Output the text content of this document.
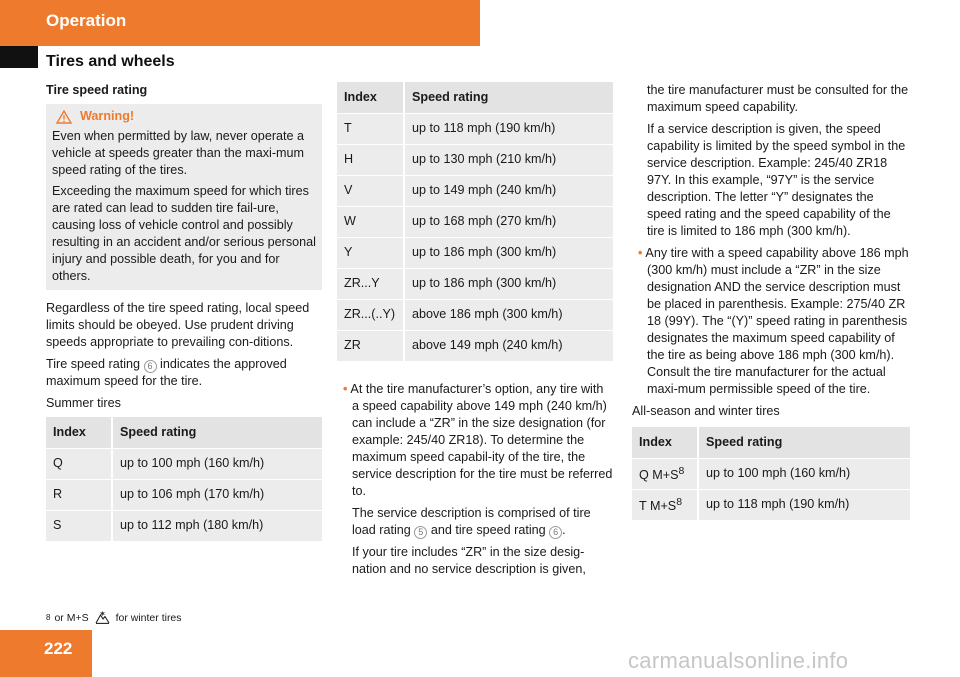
Operation
Tires and wheels
Tire speed rating
Warning!
Even when permitted by law, never operate a vehicle at speeds greater than the maxi-mum speed rating of the tires.
Exceeding the maximum speed for which tires are rated can lead to sudden tire fail-ure, causing loss of vehicle control and possibly resulting in an accident and/or serious personal injury and possible death, for you and for others.
Regardless of the tire speed rating, local speed limits should be obeyed. Use prudent driving speeds appropriate to prevailing con-ditions.
Tire speed rating 6 indicates the approved maximum speed for the tire.
Summer tires
Index	Speed rating
Q	up to 100 mph (160 km/h)
R	up to 106 mph (170 km/h)
S	up to 112 mph (180 km/h)
Index	Speed rating
T	up to 118 mph (190 km/h)
H	up to 130 mph (210 km/h)
V	up to 149 mph (240 km/h)
W	up to 168 mph (270 km/h)
Y	up to 186 mph (300 km/h)
ZR...Y	up to 186 mph (300 km/h)
ZR...(..Y)	above 186 mph (300 km/h)
ZR	above 149 mph (240 km/h)
• At the tire manufacturer’s option, any tire with a speed capability above 149 mph (240 km/h) can include a “ZR” in the size designation (for example: 245/40 ZR18). To determine the maximum speed capabil-ity of the tire, the service description for the tire must be referred to.
The service description is comprised of tire load rating 5 and tire speed rating 6 .
If your tire includes “ZR” in the size desig-nation and no service description is given,
the tire manufacturer must be consulted for the maximum speed capability.
If a service description is given, the speed capability is limited by the speed symbol in the service description. Example: 245/40 ZR18 97Y. In this example, “97Y” is the service description. The letter “Y” designates the speed rating and the speed capability of the tire is limited to 186 mph (300 km/h).
• Any tire with a speed capability above 186 mph (300 km/h) must include a “ZR” in the size designation AND the service description must be placed in parenthesis. Example: 275/40 ZR 18 (99Y). The “(Y)” speed rating in parenthesis designates the maximum speed capability of the tire as being above 186 mph (300 km/h). Consult the tire manufacturer for the actual maxi-mum permissible speed of the tire.
All-season and winter tires
Index	Speed rating
Q $M+S^8$	up to 100 mph (160 km/h)
T $M+S^8$	up to 118 mph (190 km/h)
8 or M+S	for winter tires
222	carmanualsonline.info
